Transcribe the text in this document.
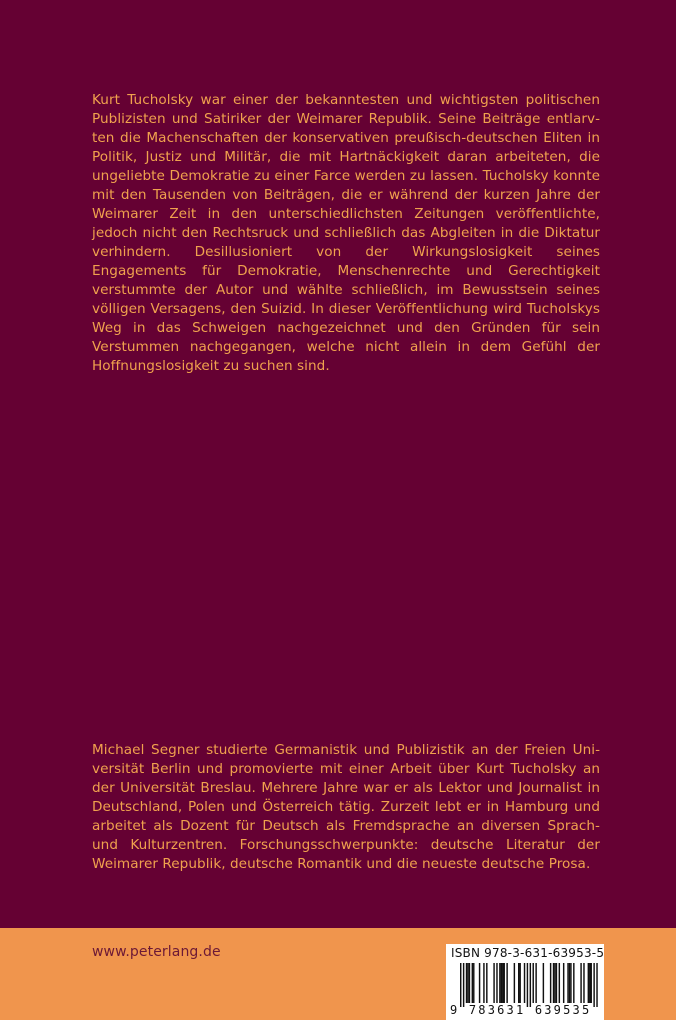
Kurt Tucholsky war einer der bekanntesten und wichtigsten politischen Publizisten und Satiriker der Weimarer Republik. Seine Beiträge entlarvten die Machenschaften der konservativen preußisch-deutschen Eliten in Politik, Justiz und Militär, die mit Hartnäckigkeit daran arbeiteten, die ungeliebte Demokratie zu einer Farce werden zu lassen. Tucholsky konnte mit den Tausenden von Beiträgen, die er während der kurzen Jahre der Weimarer Zeit in den unterschiedlichsten Zeitungen veröffentlichte, jedoch nicht den Rechtsruck und schließlich das Abgleiten in die Diktatur verhindern. Desillusioniert von der Wirkungslosigkeit seines Engagements für Demokratie, Menschenrechte und Gerechtigkeit verstummte der Autor und wählte schließlich, im Bewusstsein seines völligen Versagens, den Suizid. In dieser Veröffentlichung wird Tucholskys Weg in das Schweigen nachgezeichnet und den Gründen für sein Verstummen nachgegangen, welche nicht allein in dem Gefühl der Hoffnungslosigkeit zu suchen sind.

Michael Segner studierte Germanistik und Publizistik an der Freien Universität Berlin und promovierte mit einer Arbeit über Kurt Tucholsky an der Universität Breslau. Mehrere Jahre war er als Lektor und Journalist in Deutschland, Polen und Österreich tätig. Zurzeit lebt er in Hamburg und arbeitet als Dozent für Deutsch als Fremdsprache an diversen Sprach- und Kulturzentren. Forschungsschwerpunkte: deutsche Literatur der Weimarer Republik, deutsche Romantik und die neueste deutsche Prosa.

www.peterlang.de	ISBN 978-3-631-63953-5
9 783631 639535
